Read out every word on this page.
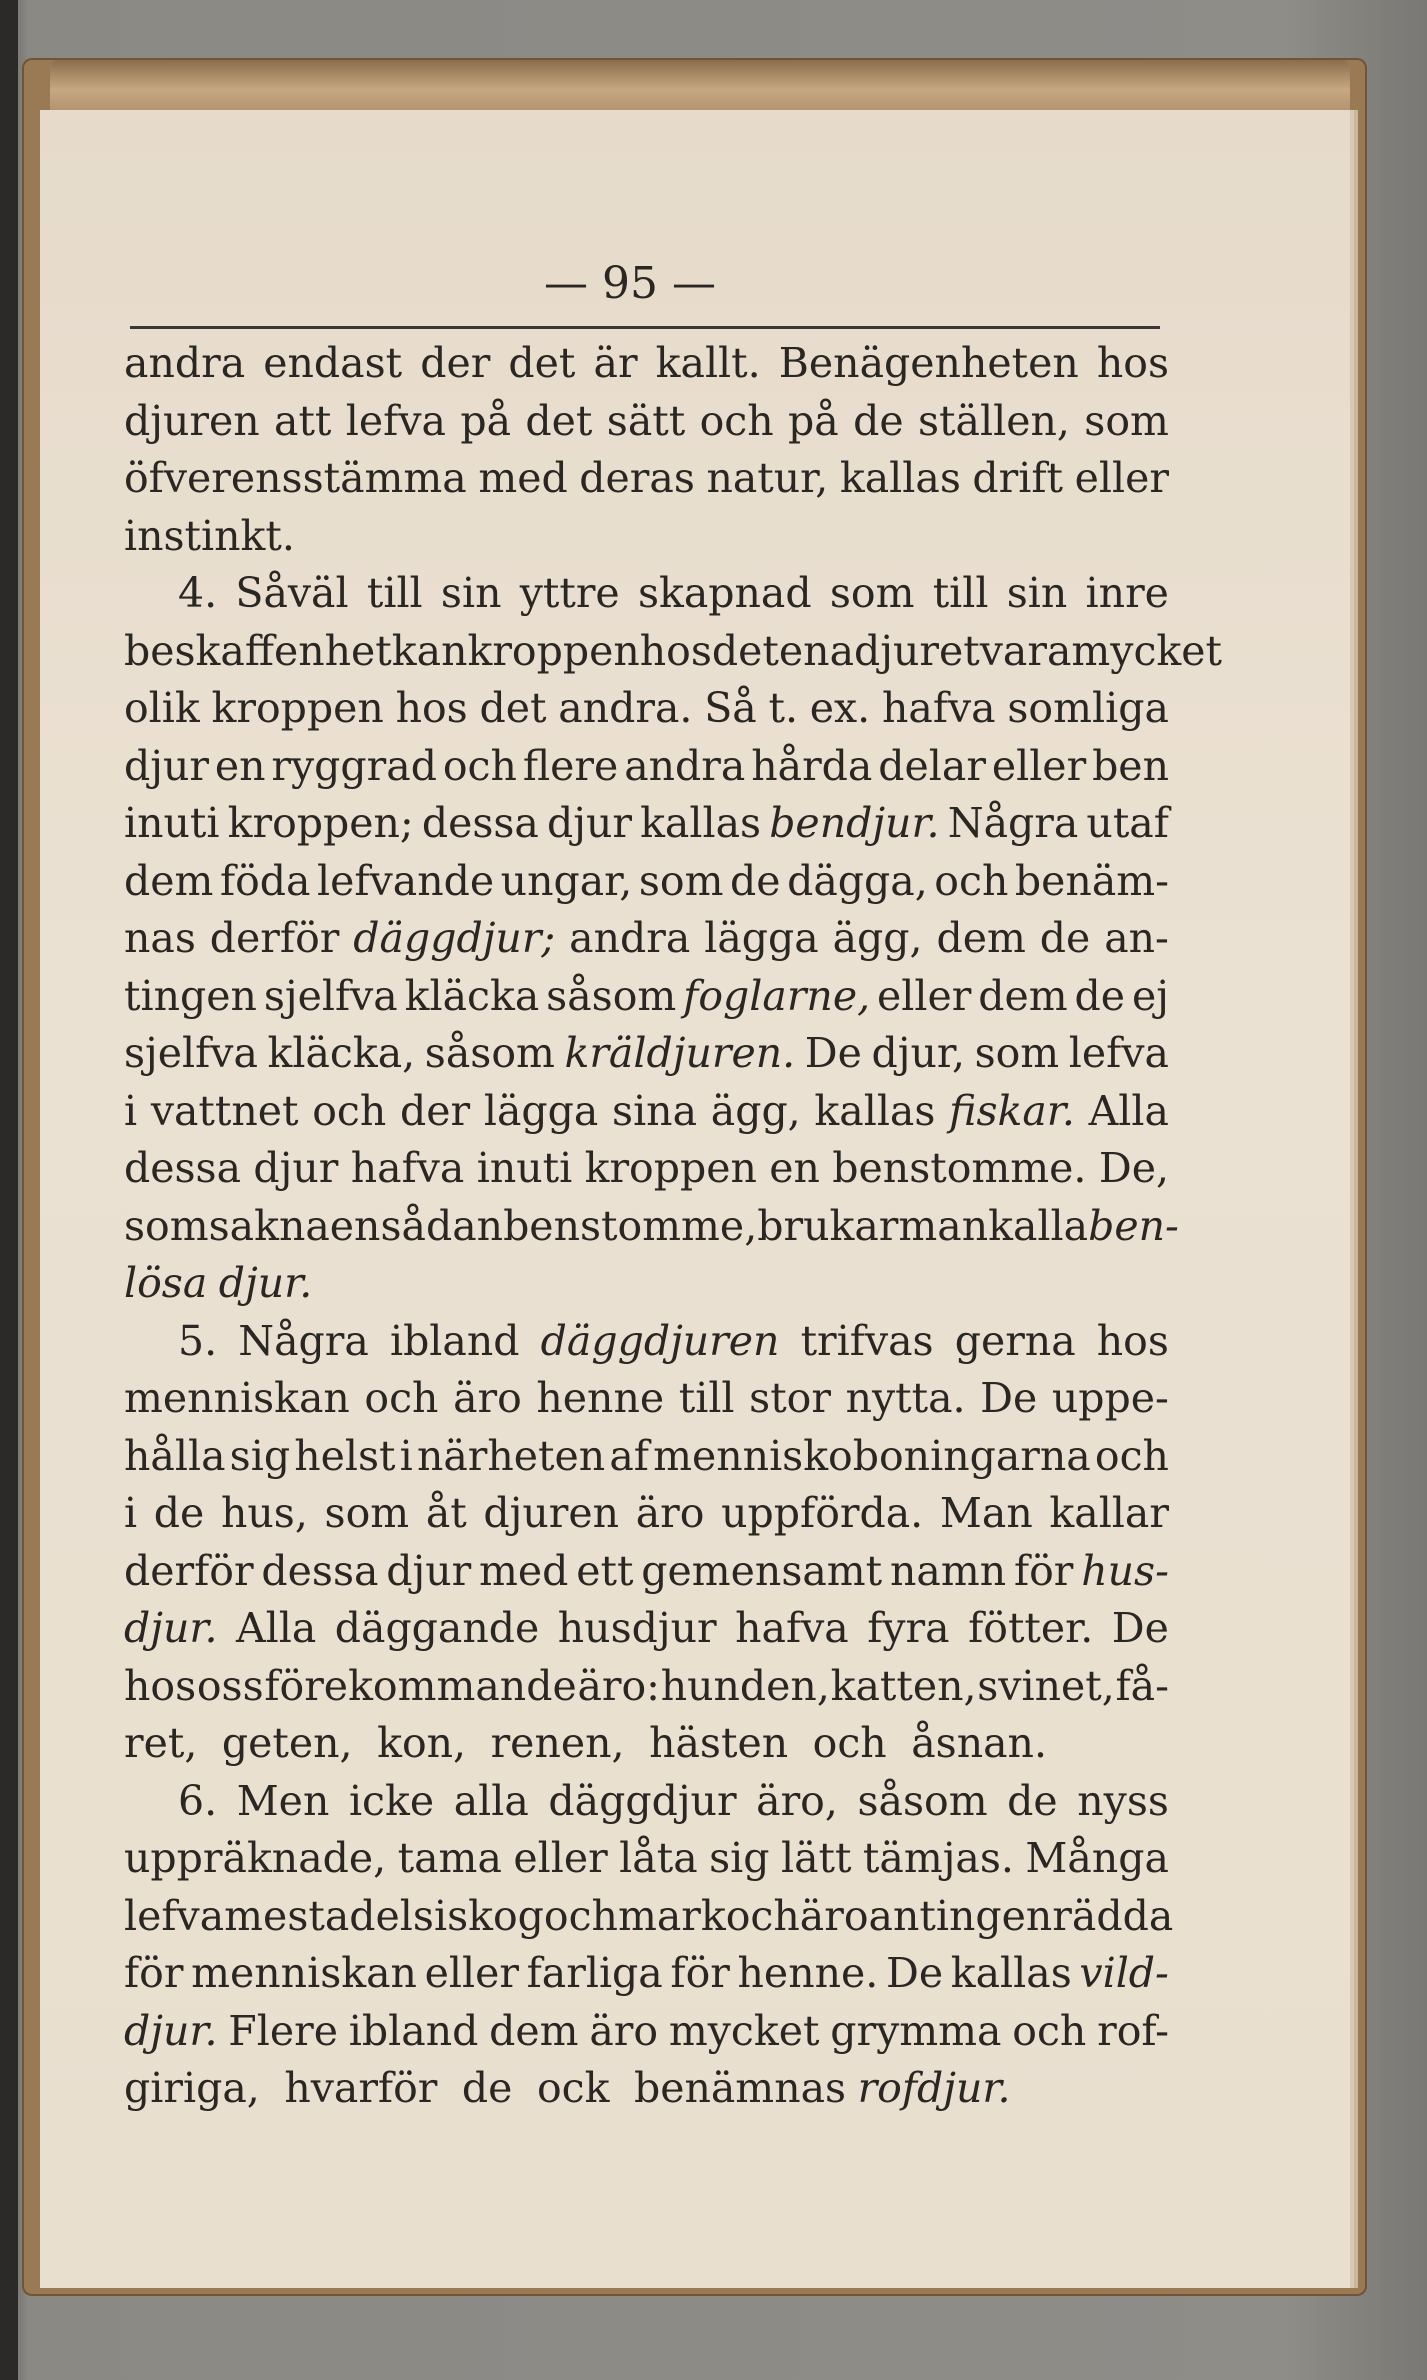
— 95 —
andra endast der det är kallt. Benägenheten hos
djuren att lefva på det sätt och på de ställen, som
öfverensstämma med deras natur, kallas drift eller
instinkt.
4. Såväl till sin yttre skapnad som till sin inre
beskaffenhet kan kroppen hos det ena djuret vara mycket
olik kroppen hos det andra. Så t. ex. hafva somliga
djur en ryggrad och flere andra hårda delar eller ben
inuti kroppen; dessa djur kallas bendjur. Några utaf
dem föda lefvande ungar, som de dägga, och benäm-
nas derför däggdjur; andra lägga ägg, dem de an-
tingen sjelfva kläcka såsom foglarne, eller dem de ej
sjelfva kläcka, såsom kräldjuren. De djur, som lefva
i vattnet och der lägga sina ägg, kallas fiskar. Alla
dessa djur hafva inuti kroppen en benstomme. De,
som sakna en sådan benstomme, brukar man kalla ben-
lösa djur.
5. Några ibland däggdjuren trifvas gerna hos
menniskan och äro henne till stor nytta. De uppe-
hålla sig helst i närheten af menniskoboningarna och
i de hus, som åt djuren äro uppförda. Man kallar
derför dessa djur med ett gemensamt namn för hus-
djur. Alla däggande husdjur hafva fyra fötter. De
hos oss förekommande äro: hunden, katten, svinet, få-
ret, geten, kon, renen, hästen och åsnan.
6. Men icke alla däggdjur äro, såsom de nyss
uppräknade, tama eller låta sig lätt tämjas. Många
lefva mestadels i skog och mark och äro antingen rädda
för menniskan eller farliga för henne. De kallas vild-
djur. Flere ibland dem äro mycket grymma och rof-
giriga, hvarför de ock benämnas rofdjur.
